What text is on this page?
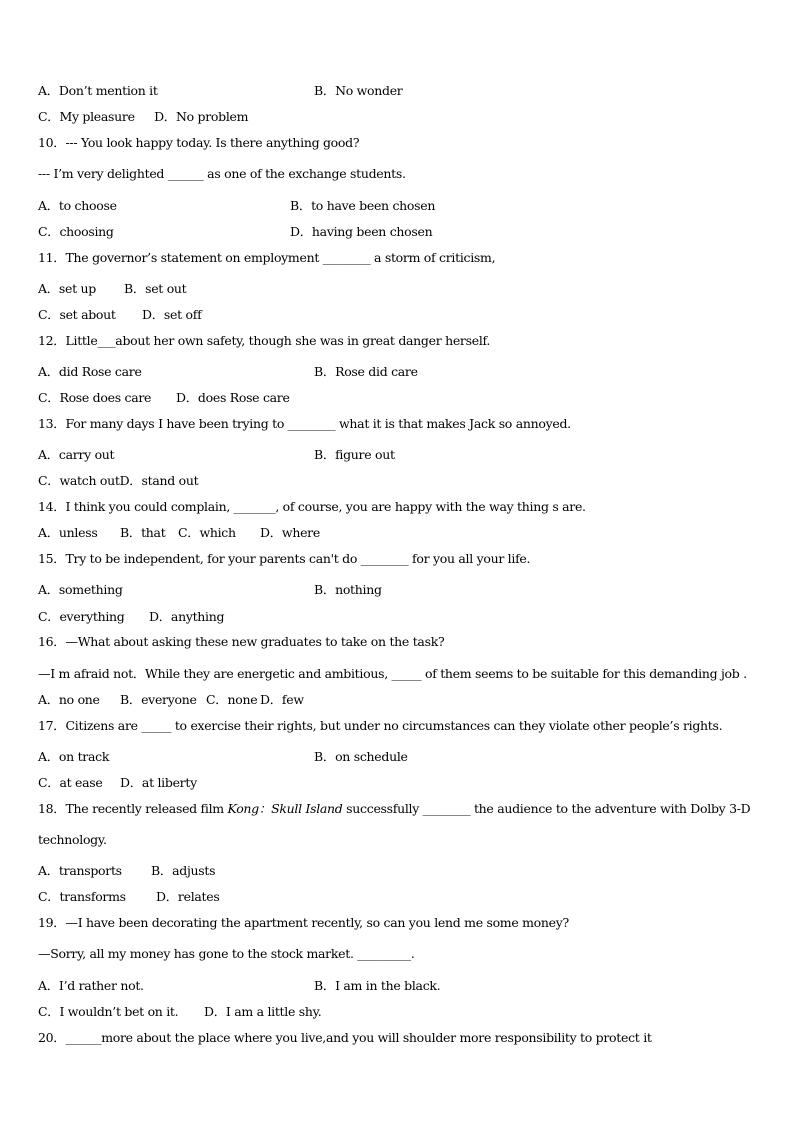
A．Don’t mention it	B．No wonder
C．My pleasure D．No problem
10．--- You look happy today. Is there anything good?
--- I’m very delighted ______ as one of the exchange students.
A．to choose	B．to have been chosen
C．choosing	D．having been chosen
11．The governor’s statement on employment ________ a storm of criticism,
A．set up B．set out
C．set about D．set off
12．Little___about her own safety, though she was in great danger herself.
A．did Rose care	B．Rose did care
C．Rose does care D．does Rose care
13．For many days I have been trying to ________ what it is that makes Jack so annoyed.
A．carry out	B．figure out
C．watch outD．stand out
14．I think you could complain, _______, of course, you are happy with the way thing s are.
A．unless B．that C．which D．where
15．Try to be independent, for your parents can't do ________ for you all your life.
A．something	B．nothing
C．everything D．anything
16．—What about asking these new graduates to take on the task?
—I m afraid not．While they are energetic and ambitious, _____ of them seems to be suitable for this demanding job .
A．no one B．everyone C．none D．few
17．Citizens are _____ to exercise their rights, but under no circumstances can they violate other people’s rights.
A．on track	B．on schedule
C．at ease D．at liberty
18．The recently released film Kong：Skull Island successfully ________ the audience to the adventure with Dolby 3-D
technology.
A．transports B．adjusts
C．transforms D．relates
19．—I have been decorating the apartment recently, so can you lend me some money?
—Sorry, all my money has gone to the stock market. _________.
A．I’d rather not.	B．I am in the black.
C．I wouldn’t bet on it. D．I am a little shy.
20．______more about the place where you live,and you will shoulder more responsibility to protect it
